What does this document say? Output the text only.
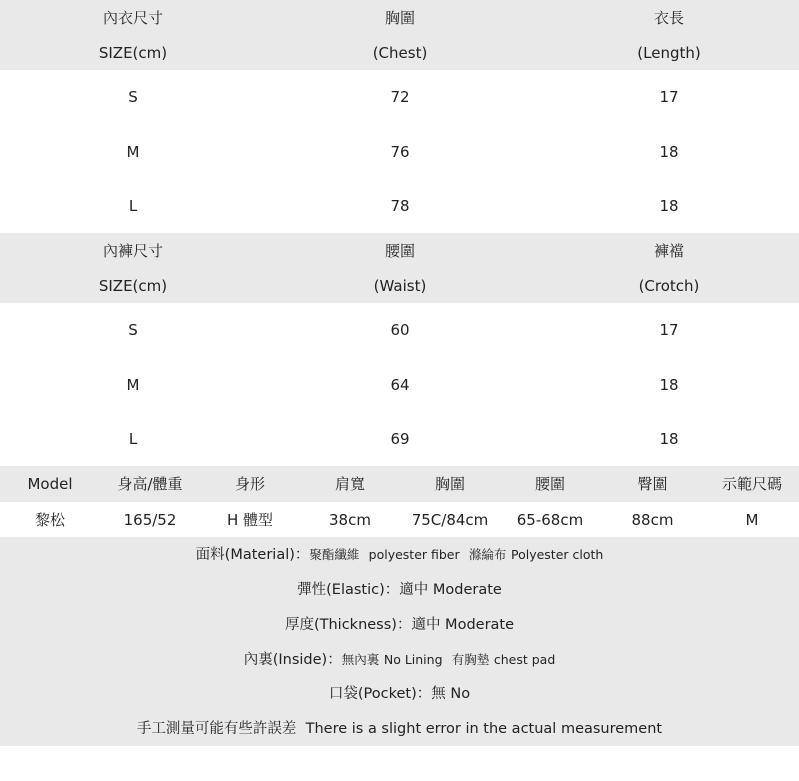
內衣尺寸	胸圍	衣長
SIZE(cm)	(Chest)	(Length)
S	72	17
M	76	18
L	78	18
內褲尺寸	腰圍	褲襠
SIZE(cm)	(Waist)	(Crotch)
S	60	17
M	64	18
L	69	18
Model	身高/體重	身形	肩寬	胸圍	腰圍	臀圍	示範尺碼
黎松	165/52	H 體型	38cm	75C/84cm	65-68cm	88cm	M
面料(Material)：聚酯纖維 polyester fiber 滌綸布 Polyester cloth
彈性(Elastic)：適中 Moderate
厚度(Thickness)：適中 Moderate
內裏(Inside)：無內裏 No Lining 有胸墊 chest pad
口袋(Pocket)：無 No
手工測量可能有些許誤差 There is a slight error in the actual measurement
